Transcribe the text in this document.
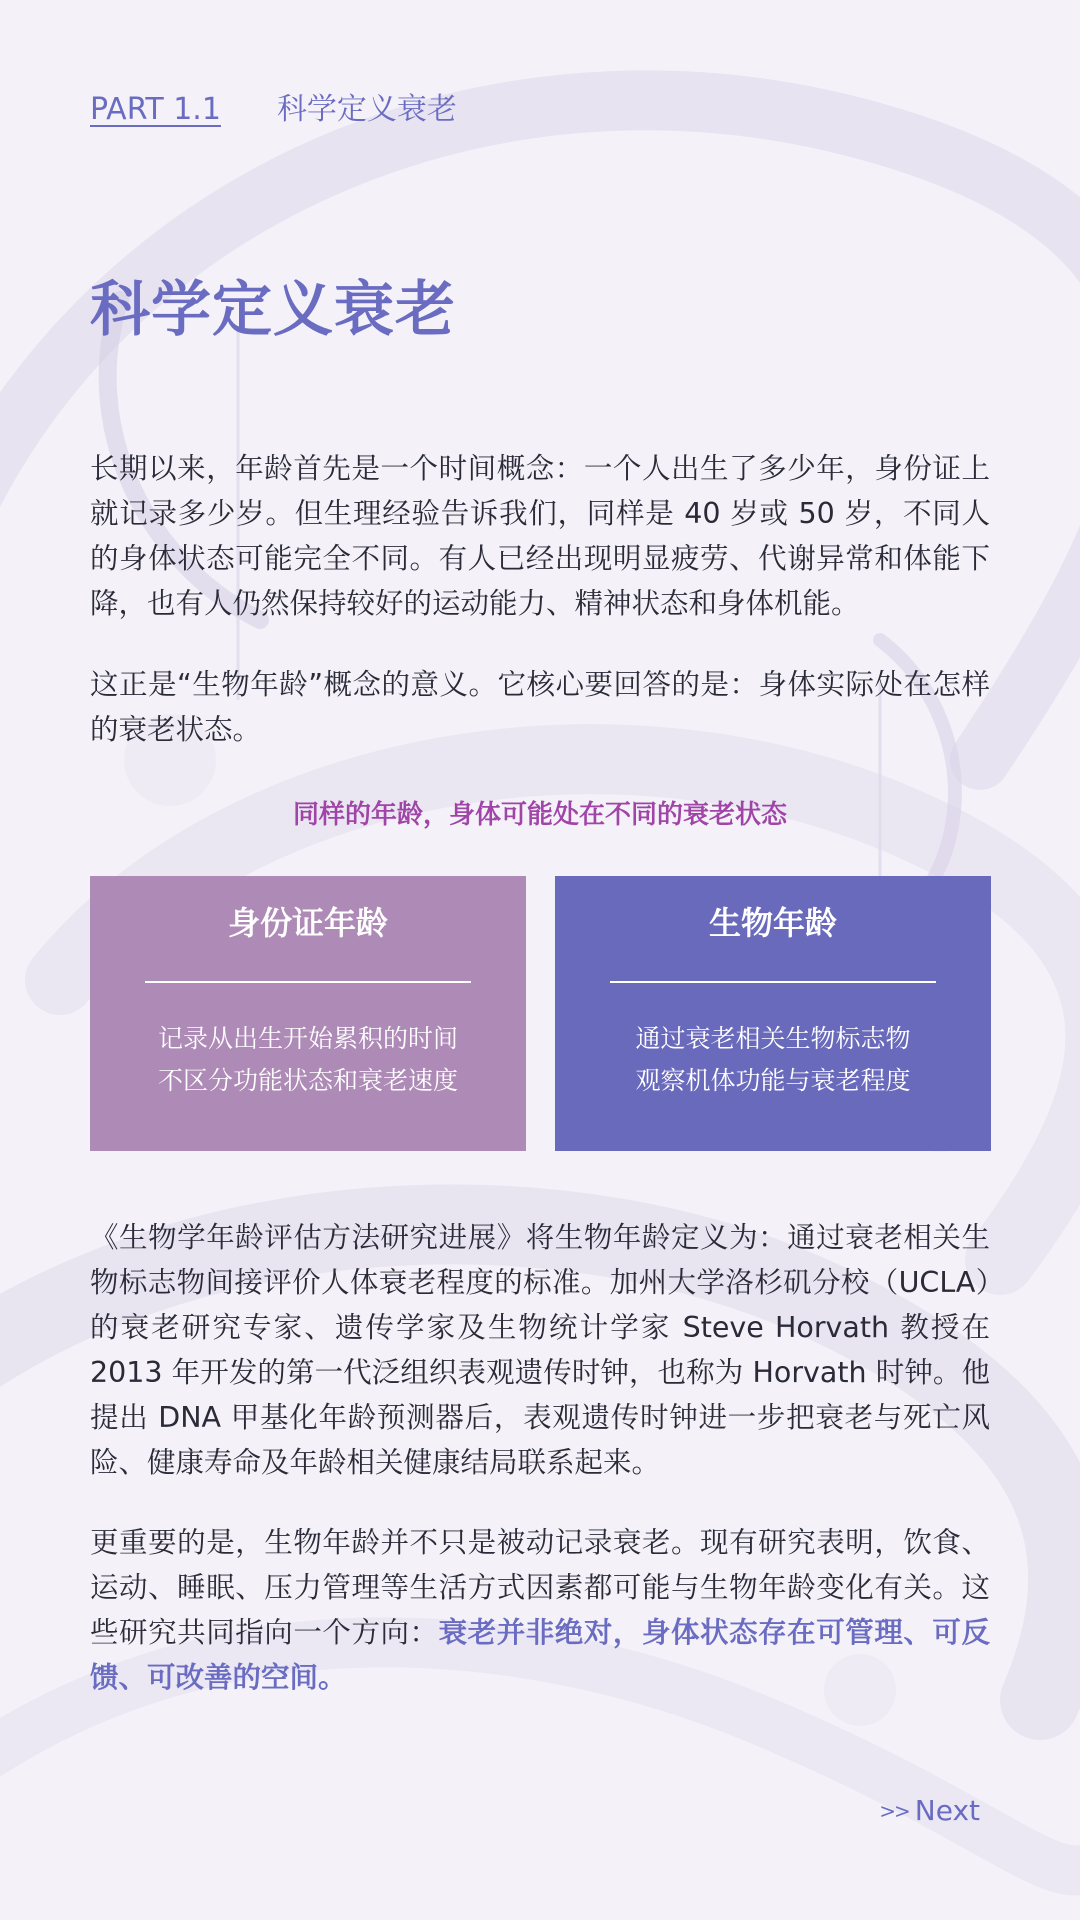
PART 1.1 科学定义衰老
科学定义衰老

长期以来，年龄首先是一个时间概念：一个人出生了多少年，身份证上就记录多少岁。但生理经验告诉我们，同样是 40 岁或 50 岁，不同人的身体状态可能完全不同。有人已经出现明显疲劳、代谢异常和体能下降，也有人仍然保持较好的运动能力、精神状态和身体机能。

这正是“生物年龄”概念的意义。它核心要回答的是：身体实际处在怎样的衰老状态。

同样的年龄，身体可能处在不同的衰老状态
身份证年龄
记录从出生开始累积的时间
不区分功能状态和衰老速度
生物年龄
通过衰老相关生物标志物
观察机体功能与衰老程度

《生物学年龄评估方法研究进展》将生物年龄定义为：通过衰老相关生物标志物间接评价人体衰老程度的标准。加州大学洛杉矶分校（UCLA）的衰老研究专家、遗传学家及生物统计学家 Steve Horvath 教授在 2013 年开发的第一代泛组织表观遗传时钟，也称为 Horvath 时钟。他提出 DNA 甲基化年龄预测器后，表观遗传时钟进一步把衰老与死亡风险、健康寿命及年龄相关健康结局联系起来。

更重要的是，生物年龄并不只是被动记录衰老。现有研究表明，饮食、运动、睡眠、压力管理等生活方式因素都可能与生物年龄变化有关。这些研究共同指向一个方向：衰老并非绝对，身体状态存在可管理、可反馈、可改善的空间。

>> Next
